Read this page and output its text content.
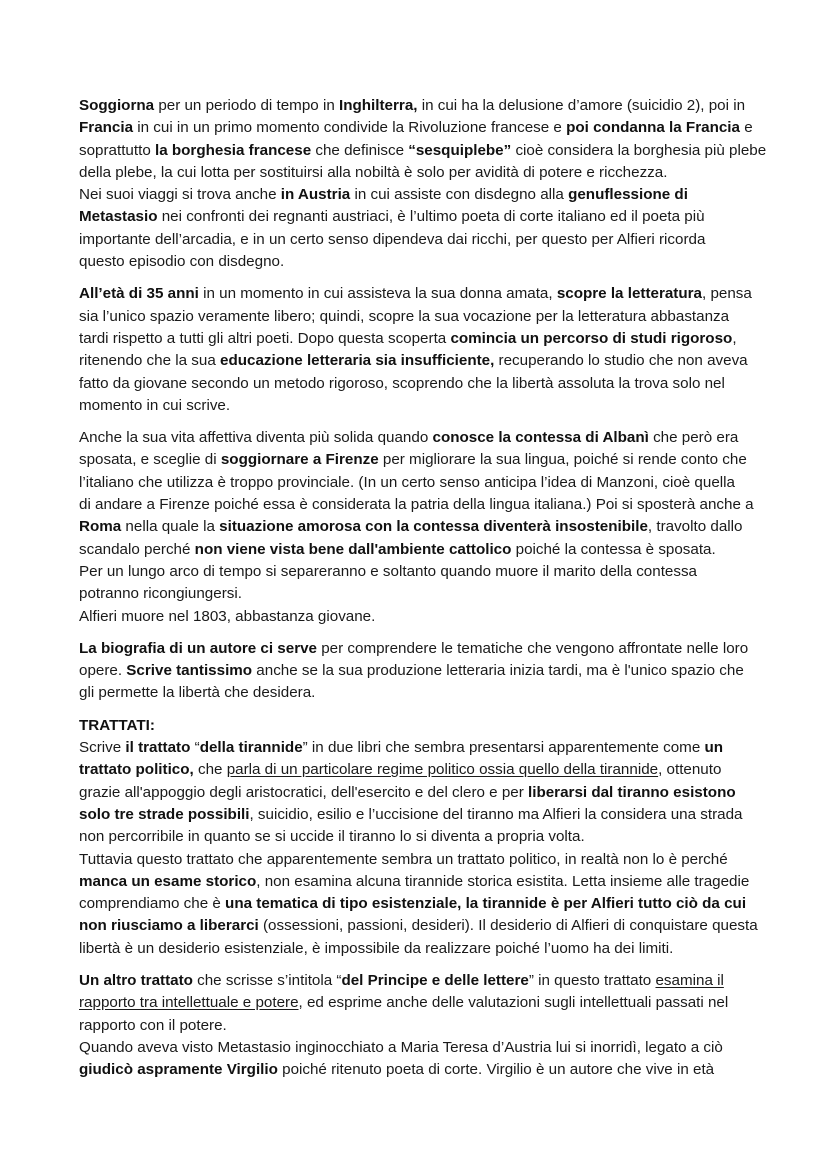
Soggiorna per un periodo di tempo in Inghilterra, in cui ha la delusione d’amore (suicidio 2), poi in
Francia in cui in un primo momento condivide la Rivoluzione francese e poi condanna la Francia e
soprattutto la borghesia francese che definisce “sesquiplebe” cioè considera la borghesia più plebe
della plebe, la cui lotta per sostituirsi alla nobiltà è solo per avidità di potere e ricchezza.
Nei suoi viaggi si trova anche in Austria in cui assiste con disdegno alla genuflessione di
Metastasio nei confronti dei regnanti austriaci, è l’ultimo poeta di corte italiano ed il poeta più
importante dell’arcadia, e in un certo senso dipendeva dai ricchi, per questo per Alfieri ricorda
questo episodio con disdegno.
All’età di 35 anni in un momento in cui assisteva la sua donna amata, scopre la letteratura, pensa
sia l’unico spazio veramente libero; quindi, scopre la sua vocazione per la letteratura abbastanza
tardi rispetto a tutti gli altri poeti. Dopo questa scoperta comincia un percorso di studi rigoroso,
ritenendo che la sua educazione letteraria sia insufficiente, recuperando lo studio che non aveva
fatto da giovane secondo un metodo rigoroso, scoprendo che la libertà assoluta la trova solo nel
momento in cui scrive.
Anche la sua vita affettiva diventa più solida quando conosce la contessa di Albanì che però era
sposata, e sceglie di soggiornare a Firenze per migliorare la sua lingua, poiché si rende conto che
l’italiano che utilizza è troppo provinciale. (In un certo senso anticipa l’idea di Manzoni, cioè quella
di andare a Firenze poiché essa è considerata la patria della lingua italiana.) Poi si sposterà anche a
Roma nella quale la situazione amorosa con la contessa diventerà insostenibile, travolto dallo
scandalo perché non viene vista bene dall'ambiente cattolico poiché la contessa è sposata.
Per un lungo arco di tempo si separeranno e soltanto quando muore il marito della contessa
potranno ricongiungersi.
Alfieri muore nel 1803, abbastanza giovane.
La biografia di un autore ci serve per comprendere le tematiche che vengono affrontate nelle loro
opere. Scrive tantissimo anche se la sua produzione letteraria inizia tardi, ma è l'unico spazio che
gli permette la libertà che desidera.
TRATTATI:
Scrive il trattato “della tirannide” in due libri che sembra presentarsi apparentemente come un
trattato politico, che parla di un particolare regime politico ossia quello della tirannide, ottenuto
grazie all'appoggio degli aristocratici, dell'esercito e del clero e per liberarsi dal tiranno esistono
solo tre strade possibili, suicidio, esilio e l’uccisione del tiranno ma Alfieri la considera una strada
non percorribile in quanto se si uccide il tiranno lo si diventa a propria volta.
Tuttavia questo trattato che apparentemente sembra un trattato politico, in realtà non lo è perché
manca un esame storico, non esamina alcuna tirannide storica esistita. Letta insieme alle tragedie
comprendiamo che è una tematica di tipo esistenziale, la tirannide è per Alfieri tutto ciò da cui
non riusciamo a liberarci (ossessioni, passioni, desideri). Il desiderio di Alfieri di conquistare questa
libertà è un desiderio esistenziale, è impossibile da realizzare poiché l’uomo ha dei limiti.
Un altro trattato che scrisse s’intitola “del Principe e delle lettere” in questo trattato esamina il
rapporto tra intellettuale e potere, ed esprime anche delle valutazioni sugli intellettuali passati nel
rapporto con il potere.
Quando aveva visto Metastasio inginocchiato a Maria Teresa d’Austria lui si inorridì, legato a ciò
giudicò aspramente Virgilio poiché ritenuto poeta di corte. Virgilio è un autore che vive in età
